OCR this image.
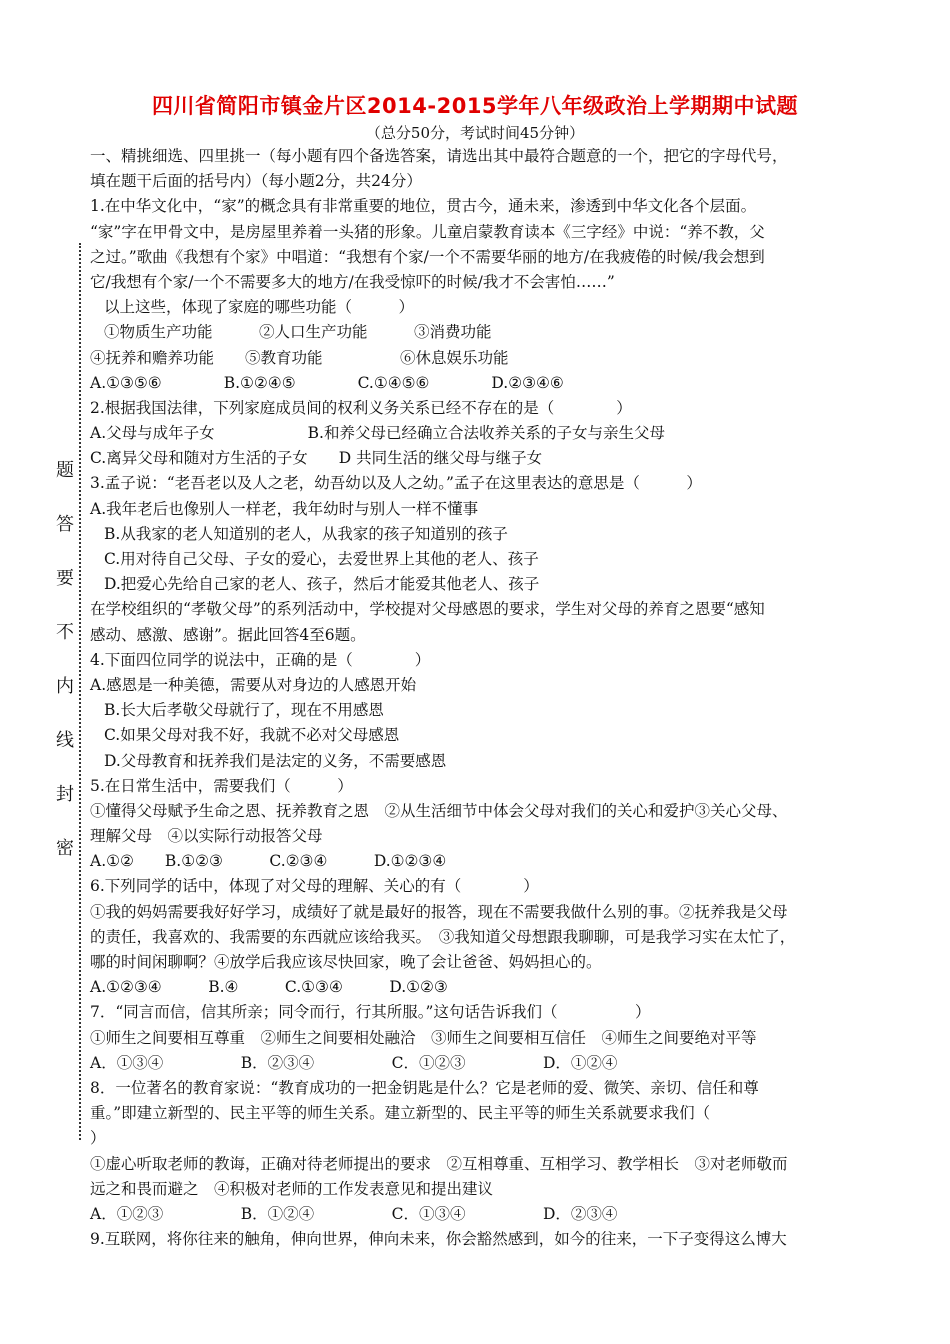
四川省简阳市镇金片区2014-2015学年八年级政治上学期期中试题
（总分50分，考试时间45分钟）
题
答
要
不
内
线
封
密
一、精挑细选、四里挑一（每小题有四个备选答案，请选出其中最符合题意的一个，把它的字母代号，
填在题干后面的括号内）（每小题2分，共24分）
1.在中华文化中，“家”的概念具有非常重要的地位，贯古今，通未来，渗透到中华文化各个层面。
“家”字在甲骨文中，是房屋里养着一头猪的形象。儿童启蒙教育读本《三字经》中说：“养不教，父
之过。”歌曲《我想有个家》中唱道：“我想有个家/一个不需要华丽的地方/在我疲倦的时候/我会想到
它/我想有个家/一个不需要多大的地方/在我受惊吓的时候/我才不会害怕……”
以上这些，体现了家庭的哪些功能（　　　）
①物质生产功能　　　②人口生产功能　　　③消费功能
④抚养和赡养功能　　⑤教育功能　　　　　⑥休息娱乐功能
A.①③⑤⑥　　　　B.①②④⑤　　　　C.①④⑤⑥　　　　D.②③④⑥
2.根据我国法律，下列家庭成员间的权利义务关系已经不存在的是（　　　　）
A.父母与成年子女　　　　　　B.和养父母已经确立合法收养关系的子女与亲生父母
C.离异父母和随对方生活的子女　　D 共同生活的继父母与继子女
3.孟子说：“老吾老以及人之老，幼吾幼以及人之幼。”孟子在这里表达的意思是（　　　）
A.我年老后也像别人一样老，我年幼时与别人一样不懂事
B.从我家的老人知道别的老人，从我家的孩子知道别的孩子
C.用对待自己父母、子女的爱心，去爱世界上其他的老人、孩子
D.把爱心先给自己家的老人、孩子，然后才能爱其他老人、孩子
在学校组织的“孝敬父母”的系列活动中，学校提对父母感恩的要求，学生对父母的养育之恩要“感知
感动、感激、感谢”。据此回答4至6题。
4.下面四位同学的说法中，正确的是（　　　　）
A.感恩是一种美德，需要从对身边的人感恩开始
B.长大后孝敬父母就行了，现在不用感恩
C.如果父母对我不好，我就不必对父母感恩
D.父母教育和抚养我们是法定的义务，不需要感恩
5.在日常生活中，需要我们（　　　）
①懂得父母赋予生命之恩、抚养教育之恩　②从生活细节中体会父母对我们的关心和爱护③关心父母、
理解父母　④以实际行动报答父母
A.①②　　B.①②③　　　C.②③④　　　D.①②③④
6.下列同学的话中，体现了对父母的理解、关心的有（　　　　）
①我的妈妈需要我好好学习，成绩好了就是最好的报答，现在不需要我做什么别的事。②抚养我是父母
的责任，我喜欢的、我需要的东西就应该给我买。　③我知道父母想跟我聊聊，可是我学习实在太忙了，
哪的时间闲聊啊？④放学后我应该尽快回家，晚了会让爸爸、妈妈担心的。
A.①②③④　　　B.④　　　C.①③④　　　D.①②③
7．“同言而信，信其所亲；同令而行，行其所服。”这句话告诉我们（　　　　　）
①师生之间要相互尊重　②师生之间要相处融洽　③师生之间要相互信任　④师生之间要绝对平等
A．①③④　　　　　B．②③④　　　　　C．①②③　　　　　D．①②④
8．一位著名的教育家说：“教育成功的一把金钥匙是什么？它是老师的爱、微笑、亲切、信任和尊
重。”即建立新型的、民主平等的师生关系。建立新型的、民主平等的师生关系就要求我们（
）
①虚心听取老师的教诲，正确对待老师提出的要求　②互相尊重、互相学习、教学相长　③对老师敬而
远之和畏而避之　④积极对老师的工作发表意见和提出建议
A．①②③　　　　　B．①②④　　　　　C．①③④　　　　　D．②③④
9.互联网，将你往来的触角，伸向世界，伸向未来，你会豁然感到，如今的往来，一下子变得这么博大
